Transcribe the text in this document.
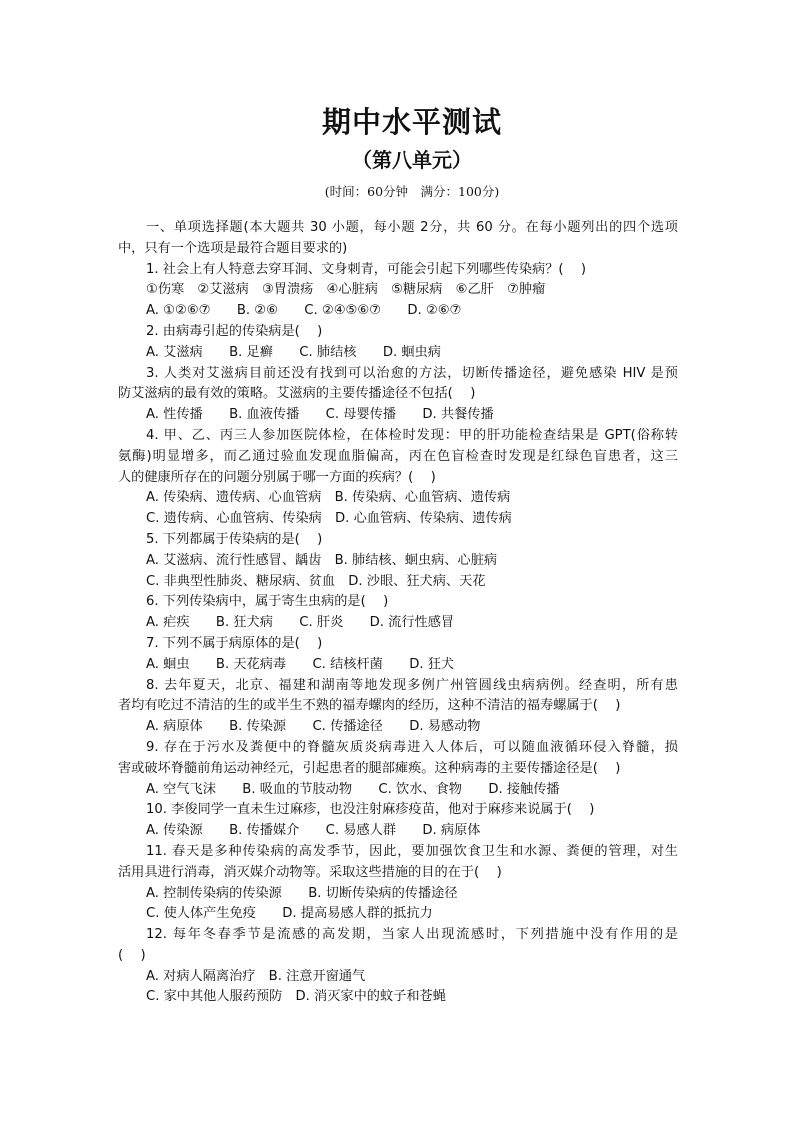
期中水平测试
（第八单元）
(时间：60分钟　满分：100分)
一、单项选择题(本大题共 30 小题，每小题 2分，共 60 分。在每小题列出的四个选项
中，只有一个选项是最符合题目要求的)
1. 社会上有人特意去穿耳洞、文身刺青，可能会引起下列哪些传染病？(　 )
①伤寒　②艾滋病　③胃溃疡　④心脏病　⑤糖尿病　⑥乙肝　⑦肿瘤
A. ①②⑥⑦　　B. ②⑥　　C. ②④⑤⑥⑦　　D. ②⑥⑦
2. 由病毒引起的传染病是(　 )
A. 艾滋病　　B. 足癣　　C. 肺结核　　D. 蛔虫病
3. 人类对艾滋病目前还没有找到可以治愈的方法，切断传播途径，避免感染 HIV 是预
防艾滋病的最有效的策略。艾滋病的主要传播途径不包括(　 )
A. 性传播　　B. 血液传播　　C. 母婴传播　　D. 共餐传播
4. 甲、乙、丙三人参加医院体检，在体检时发现：甲的肝功能检查结果是 GPT(俗称转
氨酶)明显增多，而乙通过验血发现血脂偏高，丙在色盲检查时发现是红绿色盲患者，这三
人的健康所存在的问题分别属于哪一方面的疾病？(　 )
A. 传染病、遗传病、心血管病　B. 传染病、心血管病、遗传病
C. 遗传病、心血管病、传染病　D. 心血管病、传染病、遗传病
5. 下列都属于传染病的是(　 )
A. 艾滋病、流行性感冒、龋齿　B. 肺结核、蛔虫病、心脏病
C. 非典型性肺炎、糖尿病、贫血　D. 沙眼、狂犬病、天花
6. 下列传染病中，属于寄生虫病的是(　 )
A. 疟疾　　B. 狂犬病　　C. 肝炎　　D. 流行性感冒
7. 下列不属于病原体的是(　 )
A. 蛔虫　　B. 天花病毒　　C. 结核杆菌　　D. 狂犬
8. 去年夏天，北京、福建和湖南等地发现多例广州管圆线虫病病例。经查明，所有患
者均有吃过不清洁的生的或半生不熟的福寿螺肉的经历，这种不清洁的福寿螺属于(　 )
A. 病原体　　B. 传染源　　C. 传播途径　　D. 易感动物
9. 存在于污水及粪便中的脊髓灰质炎病毒进入人体后，可以随血液循环侵入脊髓，损
害或破坏脊髓前角运动神经元，引起患者的腿部瘫痪。这种病毒的主要传播途径是(　 )
A. 空气飞沫　　B. 吸血的节肢动物　　C. 饮水、食物　　D. 接触传播
10. 李俊同学一直未生过麻疹，也没注射麻疹疫苗，他对于麻疹来说属于(　 )
A. 传染源　　B. 传播媒介　　C. 易感人群　　D. 病原体
11. 春天是多种传染病的高发季节，因此，要加强饮食卫生和水源、粪便的管理，对生
活用具进行消毒，消灭媒介动物等。采取这些措施的目的在于(　 )
A. 控制传染病的传染源　　B. 切断传染病的传播途径
C. 使人体产生免疫　　D. 提高易感人群的抵抗力
12. 每年冬春季节是流感的高发期，当家人出现流感时，下列措施中没有作用的是
(　 )
A. 对病人隔离治疗　B. 注意开窗通气
C. 家中其他人服药预防　D. 消灭家中的蚊子和苍蝇
